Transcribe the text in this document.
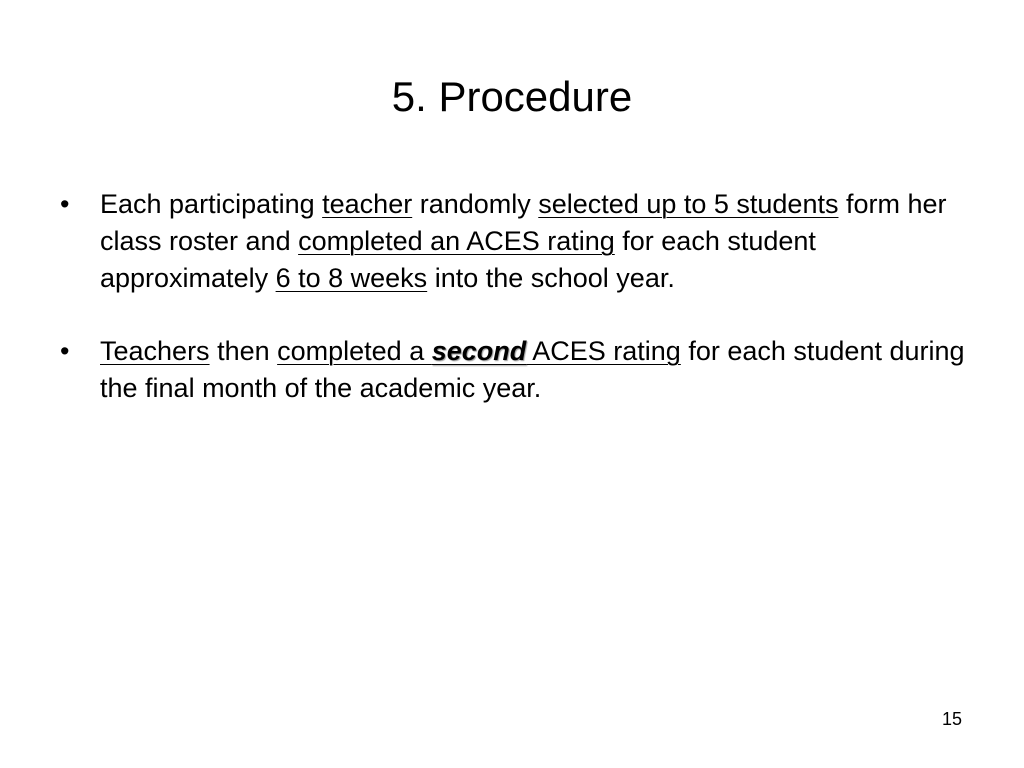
5. Procedure
• Each participating teacher randomly selected up to 5 students form her class roster and completed an ACES rating for each student approximately 6 to 8 weeks into the school year.
• Teachers then completed a second ACES rating for each student during the final month of the academic year.
15
